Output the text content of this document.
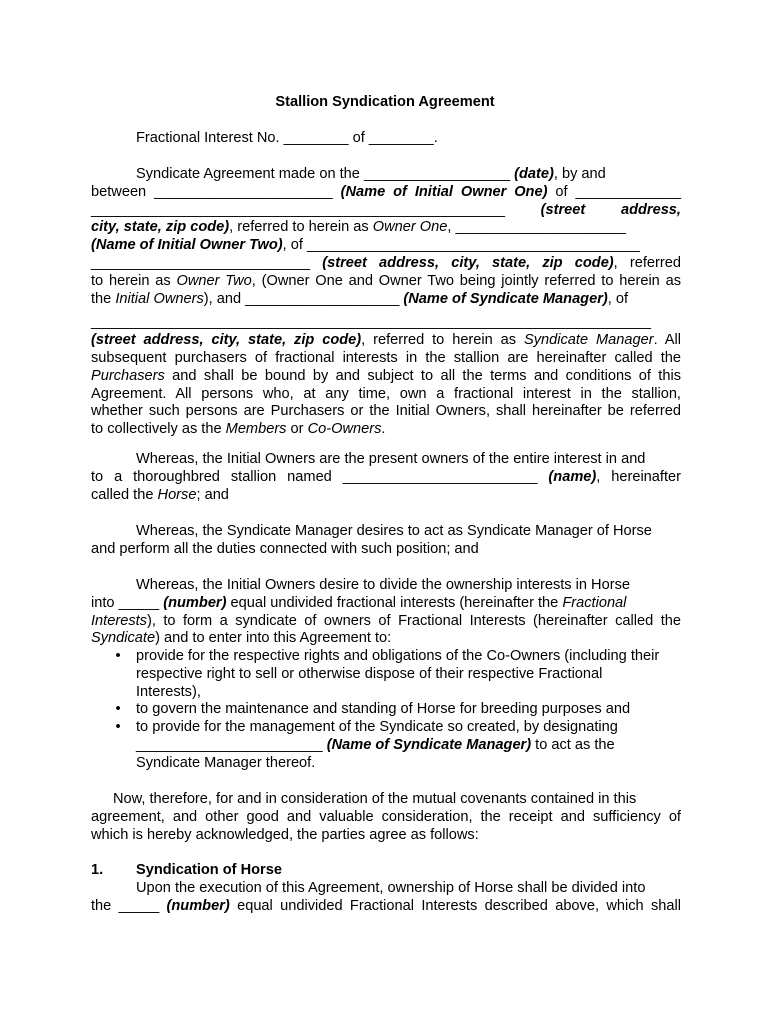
Stallion Syndication Agreement
Fractional Interest No. ________ of ________.
Syndicate Agreement made on the __________________ (date), by and
between ______________________ (Name of Initial Owner One) of _____________
___________________________________________________ (street address,
city, state, zip code), referred to herein as Owner One, _____________________
(Name of Initial Owner Two), of _________________________________________
___________________________ (street address, city, state, zip code), referred
to herein as Owner Two, (Owner One and Owner Two being jointly referred to herein as
the Initial Owners), and ___________________ (Name of Syndicate Manager), of
_____________________________________________________________________
(street address, city, state, zip code), referred to herein as Syndicate Manager. All
subsequent purchasers of fractional interests in the stallion are hereinafter called the
Purchasers and shall be bound by and subject to all the terms and conditions of this
Agreement. All persons who, at any time, own a fractional interest in the stallion,
whether such persons are Purchasers or the Initial Owners, shall hereinafter be referred
to collectively as the Members or Co-Owners.
Whereas, the Initial Owners are the present owners of the entire interest in and
to a thoroughbred stallion named ________________________ (name), hereinafter
called the Horse; and
Whereas, the Syndicate Manager desires to act as Syndicate Manager of Horse
and perform all the duties connected with such position; and
Whereas, the Initial Owners desire to divide the ownership interests in Horse
into _____ (number) equal undivided fractional interests (hereinafter the Fractional
Interests), to form a syndicate of owners of Fractional Interests (hereinafter called the
Syndicate) and to enter into this Agreement to:
• provide for the respective rights and obligations of the Co-Owners (including their
respective right to sell or otherwise dispose of their respective Fractional
Interests),
• to govern the maintenance and standing of Horse for breeding purposes and
• to provide for the management of the Syndicate so created, by designating
_______________________ (Name of Syndicate Manager) to act as the
Syndicate Manager thereof.
Now, therefore, for and in consideration of the mutual covenants contained in this
agreement, and other good and valuable consideration, the receipt and sufficiency of
which is hereby acknowledged, the parties agree as follows:
1. Syndication of Horse
Upon the execution of this Agreement, ownership of Horse shall be divided into
the _____ (number) equal undivided Fractional Interests described above, which shall
